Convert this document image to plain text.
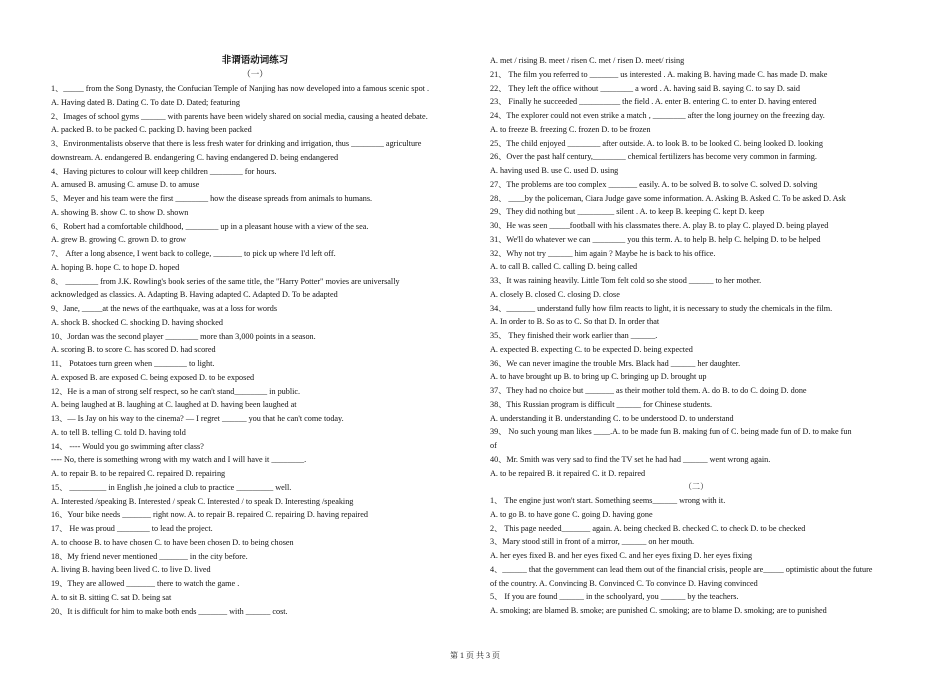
非谓语动词练习
（一）
1、_____ from the Song Dynasty, the Confucian Temple of Nanjing has now developed into a famous scenic spot .
A. Having dated B. Dating C. To date D. Dated; featuring
2、Images of school gyms ______ with parents have been widely shared on social media, causing a heated debate.
A. packed B. to be packed C. packing D. having been packed
3、Environmentalists observe that there is less fresh water for drinking and irrigation, thus ________ agriculture
downstream. A. endangered B. endangering C. having endangered D. being endangered
4、Having pictures to colour will keep children ________ for hours.
A. amused B. amusing C. amuse D. to amuse
5、Meyer and his team were the first ________ how the disease spreads from animals to humans.
A. showing B. show C. to show D. shown
6、Robert had a comfortable childhood, ________ up in a pleasant house with a view of the sea.
A. grew B. growing C. grown D. to grow
7、 After a long absence, I went back to college, _______ to pick up where I'd left off.
A. hoping B. hope C. to hope D. hoped
8、 ________ from J.K. Rowling's book series of the same title, the "Harry Potter" movies are universally
acknowledged as classics. A. Adapting B. Having adapted C. Adapted D. To be adapted
9、Jane, _____at the news of the earthquake, was at a loss for words
A. shock B. shocked C. shocking D. having shocked
10、Jordan was the second player ________ more than 3,000 points in a season.
A. scoring B. to score C. has scored D. had scored
11、 Potatoes turn green when ________ to light.
A. exposed B. are exposed C. being exposed D. to be exposed
12、He is a man of strong self respect, so he can't stand________ in public.
A. being laughed at B. laughing at C. laughed at D. having been laughed at
13、— Is Jay on his way to the cinema? — I regret ______ you that he can't come today.
A. to tell B. telling C. told D. having told
14、 ---- Would you go swimming after class?
---- No, there is something wrong with my watch and I will have it ________.
A. to repair B. to be repaired C. repaired D. repairing
15、 _________ in English ,he joined a club to practice _________ well.
A. Interested /speaking B. Interested / speak C. Interested / to speak D. Interesting /speaking
16、Your bike needs _______ right now. A. to repair B. repaired C. repairing D. having repaired
17、 He was proud ________ to lead the project.
A. to choose B. to have chosen C. to have been chosen D. to being chosen
18、My friend never mentioned _______ in the city before.
A. living B. having been lived C. to live D. lived
19、They are allowed _______ there to watch the game .
A. to sit B. sitting C. sat D. being sat
20、It is difficult for him to make both ends _______ with ______ cost.
A. met / rising B. meet / risen C. met / risen D. meet/ rising
21、 The film you referred to _______ us interested . A. making B. having made C. has made D. make
22、 They left the office without ________ a word . A. having said B. saying C. to say D. said
23、 Finally he succeeded __________ the field . A. enter B. entering C. to enter D. having entered
24、The explorer could not even strike a match , ________ after the long journey on the freezing day.
A. to freeze B. freezing C. frozen D. to be frozen
25、The child enjoyed ________ after outside. A. to look B. to be looked C. being looked D. looking
26、Over the past half century,________ chemical fertilizers has become very common in farming.
A. having used B. use C. used D. using
27、The problems are too complex _______ easily. A. to be solved B. to solve C. solved D. solving
28、 ____by the policeman, Ciara Judge gave some information. A. Asking B. Asked C. To be asked D. Ask
29、They did nothing but _________ silent . A. to keep B. keeping C. kept D. keep
30、He was seen _____football with his classmates there. A. play B. to play C. played D. being played
31、We'll do whatever we can ________ you this term. A. to help B. help C. helping D. to be helped
32、Why not try ______ him again ? Maybe he is back to his office.
A. to call B. called C. calling D. being called
33、It was raining heavily. Little Tom felt cold so she stood ______ to her mother.
A. closely B. closed C. closing D. close
34、_______ understand fully how film reacts to light, it is necessary to study the chemicals in the film.
A. In order to B. So as to C. So that D. In order that
35、 They finished their work earlier than ______.
A. expected B. expecting C. to be expected D. being expected
36、We can never imagine the trouble Mrs. Black had ______ her daughter.
A. to have brought up B. to bring up C. bringing up D. brought up
37、They had no choice but _______ as their mother told them. A. do B. to do C. doing D. done
38、This Russian program is difficult ______ for Chinese students.
A. understanding it B. understanding C. to be understood D. to understand
39、 No such young man likes ____.A. to be made fun B. making fun of C. being made fun of D. to make fun
of
40、Mr. Smith was very sad to find the TV set he had had ______ went wrong again.
A. to be repaired B. it repaired C. it D. repaired
（二）
1、 The engine just won't start. Something seems______ wrong with it.
A. to go B. to have gone C. going D. having gone
2、 This page needed_______ again. A. being checked B. checked C. to check D. to be checked
3、Mary stood still in front of a mirror, ______ on her mouth.
A. her eyes fixed B. and her eyes fixed C. and her eyes fixing D. her eyes fixing
4、______ that the government can lead them out of the financial crisis, people are_____ optimistic about the future
of the country. A. Convincing B. Convinced C. To convince D. Having convinced
5、 If you are found ______ in the schoolyard, you ______ by the teachers.
A. smoking; are blamed B. smoke; are punished C. smoking; are to blame D. smoking; are to punished
第 1 页 共 3 页
